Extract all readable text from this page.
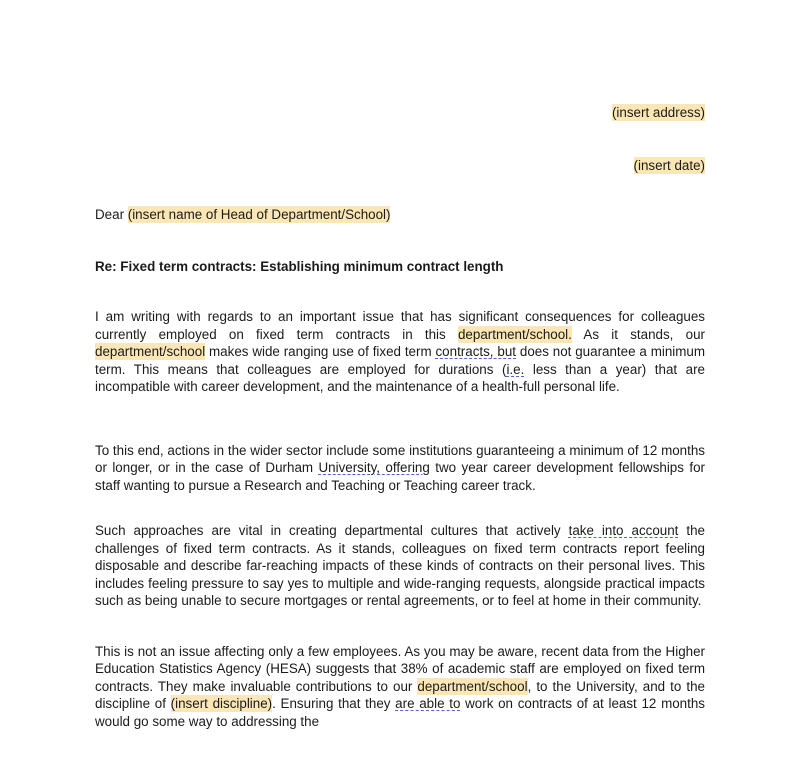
(insert address)
(insert date)
Dear (insert name of Head of Department/School)
Re: Fixed term contracts: Establishing minimum contract length

I am writing with regards to an important issue that has significant consequences for colleagues currently employed on fixed term contracts in this department/school. As it stands, our department/school makes wide ranging use of fixed term contracts, but does not guarantee a minimum term. This means that colleagues are employed for durations (i.e. less than a year) that are incompatible with career development, and the maintenance of a health-full personal life.

To this end, actions in the wider sector include some institutions guaranteeing a minimum of 12 months or longer, or in the case of Durham University, offering two year career development fellowships for staff wanting to pursue a Research and Teaching or Teaching career track.

Such approaches are vital in creating departmental cultures that actively take into account the challenges of fixed term contracts. As it stands, colleagues on fixed term contracts report feeling disposable and describe far-reaching impacts of these kinds of contracts on their personal lives. This includes feeling pressure to say yes to multiple and wide-ranging requests, alongside practical impacts such as being unable to secure mortgages or rental agreements, or to feel at home in their community.

This is not an issue affecting only a few employees. As you may be aware, recent data from the Higher Education Statistics Agency (HESA) suggests that 38% of academic staff are employed on fixed term contracts. They make invaluable contributions to our department/school, to the University, and to the discipline of (insert discipline). Ensuring that they are able to work on contracts of at least 12 months would go some way to addressing the
